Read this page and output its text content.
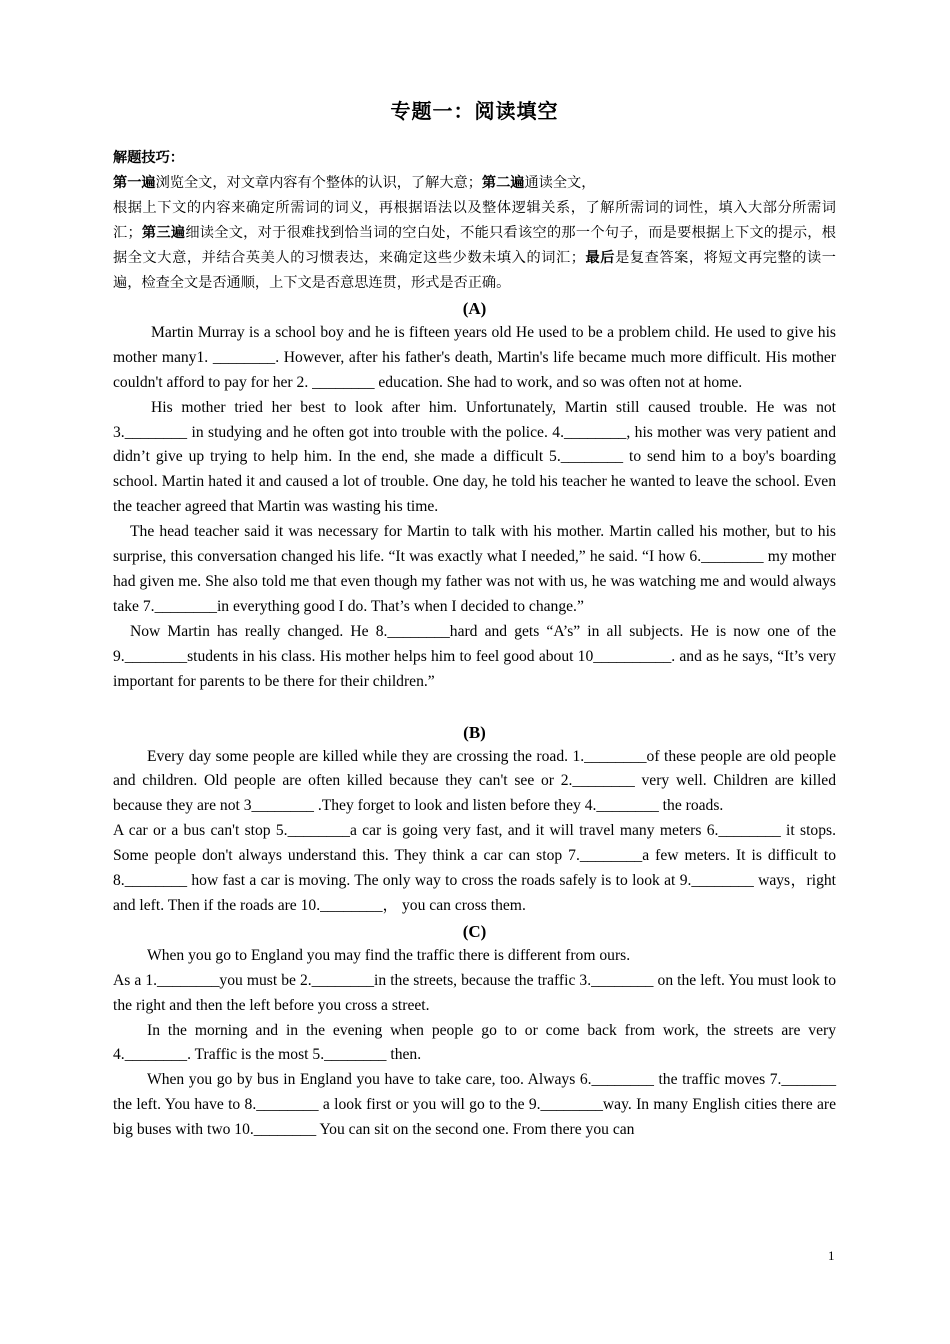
专题一：阅读填空
解题技巧：
第一遍浏览全文，对文章内容有个整体的认识，了解大意；第二遍通读全文，
根据上下文的内容来确定所需词的词义，再根据语法以及整体逻辑关系，了解所需词的词性，填入大部分所需词汇；第三遍细读全文，对于很难找到恰当词的空白处，不能只看该空的那一个句子，而是要根据上下文的提示，根据全文大意，并结合英美人的习惯表达，来确定这些少数未填入的词汇；最后是复查答案，将短文再完整的读一遍，检查全文是否通顺，上下文是否意思连贯，形式是否正确。
(A)

Martin Murray is a school boy and he is fifteen years old He used to be a problem child. He used to give his mother many1. ________. However, after his father's death, Martin's life became much more difficult. His mother couldn't afford to pay for her 2. ________ education. She had to work, and so was often not at home.

His mother tried her best to look after him. Unfortunately, Martin still caused trouble. He was not 3.________ in studying and he often got into trouble with the police. 4.________, his mother was very patient and didn’t give up trying to help him. In the end, she made a difficult 5.________ to send him to a boy's boarding school. Martin hated it and caused a lot of trouble. One day, he told his teacher he wanted to leave the school. Even the teacher agreed that Martin was wasting his time.

The head teacher said it was necessary for Martin to talk with his mother. Martin called his mother, but to his surprise, this conversation changed his life. “It was exactly what I needed,” he said. “I how 6.________ my mother had given me. She also told me that even though my father was not with us, he was watching me and would always take 7.________in everything good I do. That’s when I decided to change.”

Now Martin has really changed. He 8.________hard and gets “A’s” in all subjects. He is now one of the 9.________students in his class. His mother helps him to feel good about 10__________. and as he says, “It’s very important for parents to be there for their children.”

(B)

Every day some people are killed while they are crossing the road. 1.________of these people are old people and children. Old people are often killed because they can't see or 2.________ very well. Children are killed because they are not 3________ .They forget to look and listen before they 4.________ the roads.

A car or a bus can't stop 5.________a car is going very fast, and it will travel many meters 6.________ it stops. Some people don't always understand this. They think a car can stop 7.________a few meters. It is difficult to 8.________ how fast a car is moving. The only way to cross the roads safely is to look at 9.________ ways，right and left. Then if the roads are 10.________， you can cross them.

(C)

When you go to England you may find the traffic there is different from ours.

As a 1.________you must be 2.________in the streets, because the traffic 3.________ on the left. You must look to the right and then the left before you cross a street.

In the morning and in the evening when people go to or come back from work, the streets are very 4.________. Traffic is the most 5.________ then.

When you go by bus in England you have to take care, too. Always 6.________ the traffic moves 7._______ the left. You have to 8.________ a look first or you will go to the 9.________way. In many English cities there are big buses with two 10.________ You can sit on the second one. From there you can

1
